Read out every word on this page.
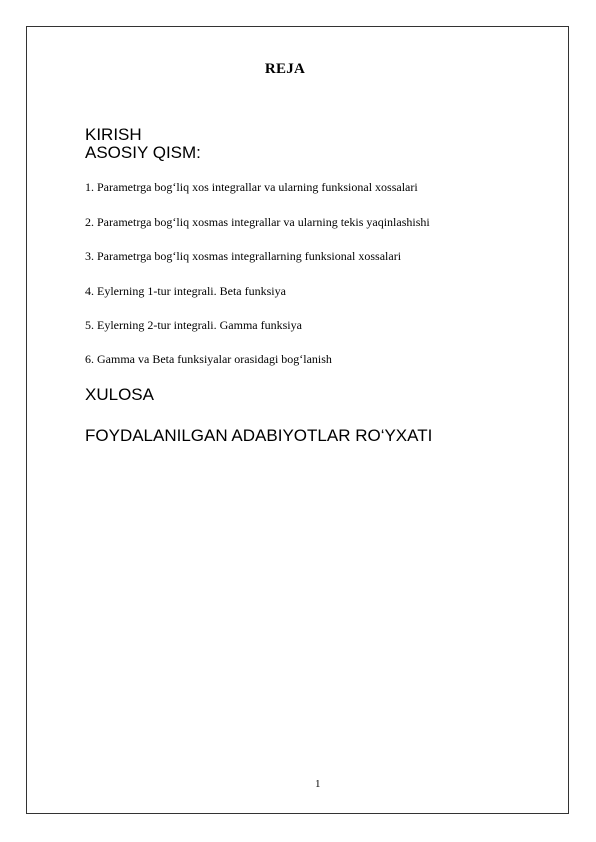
REJA
KIRISH
ASOSIY QISM:
1. Parametrga bog‘liq xos integrallar va ularning funksional xossalari
2. Parametrga bog‘liq xosmas integrallar va ularning tekis yaqinlashishi
3. Parametrga bog‘liq xosmas integrallarning funksional xossalari
4. Eylerning 1-tur integrali. Beta funksiya
5. Eylerning 2-tur integrali. Gamma funksiya
6. Gamma va Beta funksiyalar orasidagi bog‘lanish
XULOSA
FOYDALANILGAN ADABIYOTLAR RO‘YXATI
1
